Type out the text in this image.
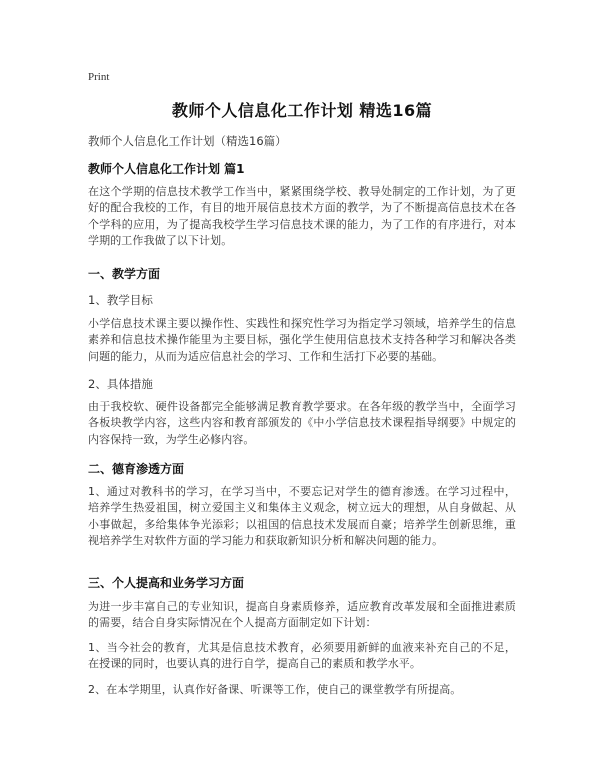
Print
教师个人信息化工作计划 精选16篇
教师个人信息化工作计划（精选16篇）
教师个人信息化工作计划 篇1
在这个学期的信息技术教学工作当中，紧紧围绕学校、教导处制定的工作计划，为了更好的配合我校的工作，有目的地开展信息技术方面的教学，为了不断提高信息技术在各个学科的应用，为了提高我校学生学习信息技术课的能力，为了工作的有序进行，对本学期的工作我做了以下计划。
一、教学方面
1、教学目标
小学信息技术课主要以操作性、实践性和探究性学习为指定学习领域，培养学生的信息素养和信息技术操作能里为主要目标，强化学生使用信息技术支持各种学习和解决各类问题的能力，从而为适应信息社会的学习、工作和生活打下必要的基础。
2、具体措施
由于我校软、硬件设备都完全能够满足教育教学要求。在各年级的教学当中，全面学习各板块教学内容，这些内容和教育部颁发的《中小学信息技术课程指导纲要》中规定的 内容保持一致，为学生必修内容。
二、德育渗透方面
1、通过对教科书的学习，在学习当中，不要忘记对学生的德育渗透。在学习过程中，培养学生热爱祖国，树立爱国主义和集体主义观念，树立远大的理想，从自身做起、从小事做起，多给集体争光添彩；以祖国的信息技术发展而自豪；培养学生创新思维，重视培养学生对软件方面的学习能力和获取新知识分析和解决问题的能力。
三、个人提高和业务学习方面
为进一步丰富自己的专业知识，提高自身素质修养，适应教育改革发展和全面推进素质的需要，结合自身实际情况在个人提高方面制定如下计划：
1、当今社会的教育，尤其是信息技术教育，必须要用新鲜的血液来补充自己的不足，在授课的同时，也要认真的进行自学，提高自己的素质和教学水平。
2、在本学期里，认真作好备课、听课等工作，使自己的课堂教学有所提高。
